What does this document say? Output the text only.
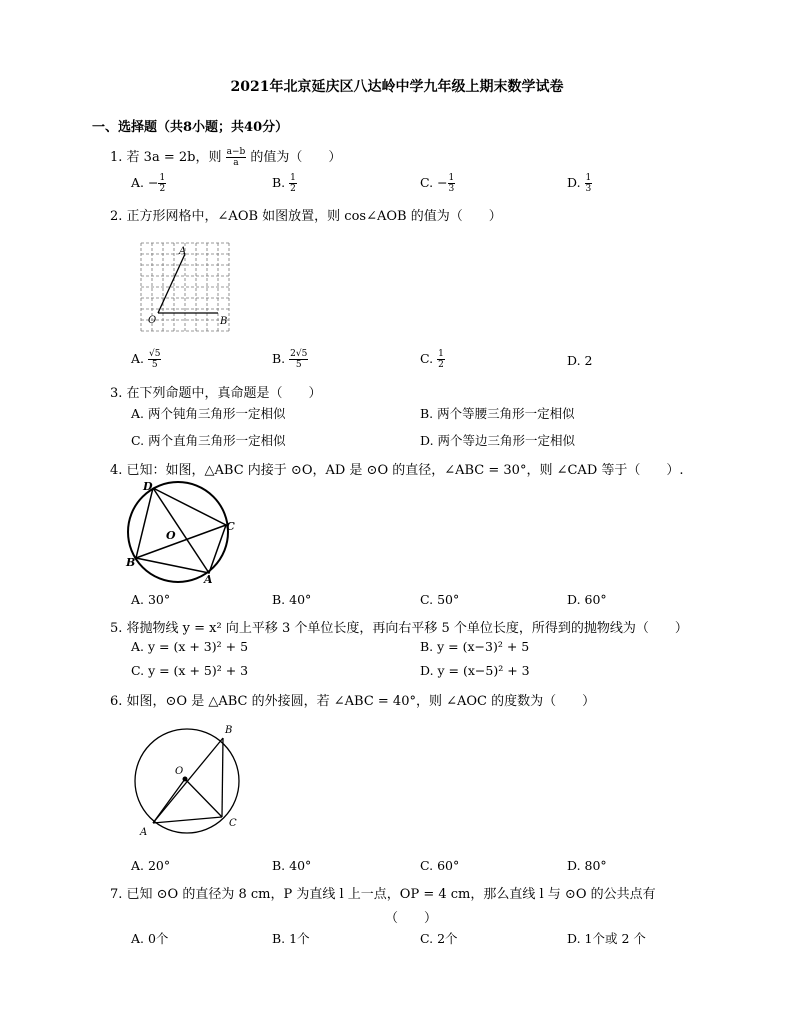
2021年北京延庆区八达岭中学九年级上期末数学试卷
一、选择题（共8小题；共40分）
1. 若 3a = 2b，则 $\frac{a-b}{a}$ 的值为（　　）
A. − $\frac{1}{2}$	B. $\frac{1}{2}$	C. − $\frac{1}{3}$	D. $\frac{1}{3}$
2. 正方形网格中，∠AOB 如图放置，则 cos∠AOB 的值为（　　）
A
O	B
A. $\frac{√5}{5}$	B. $\frac{2√5}{5}$	C. $\frac{1}{2}$	D. 2
3. 在下列命题中，真命题是（　　）
A. 两个钝角三角形一定相似	B. 两个等腰三角形一定相似
C. 两个直角三角形一定相似	D. 两个等边三角形一定相似
4. 已知：如图，△ABC 内接于 ⊙O，AD 是 ⊙O 的直径，∠ABC = 30°，则 ∠CAD 等于（　　）.
D
C
O
B
A
A. 30°	B. 40°	C. 50°	D. 60°
5. 将抛物线 y = x² 向上平移 3 个单位长度，再向右平移 5 个单位长度，所得到的抛物线为（　　）
A. y = (x + 3)² + 5	B. y = (x−3)² + 5
C. y = (x + 5)² + 3	D. y = (x−5)² + 3
6. 如图，⊙O 是 △ABC 的外接圆，若 ∠ABC = 40°，则 ∠AOC 的度数为（　　）
B
O
A
C
A. 20°	B. 40°	C. 60°	D. 80°
7. 已知 ⊙O 的直径为 8 cm，P 为直线 l 上一点，OP = 4 cm，那么直线 l 与 ⊙O 的公共点有
（　　）
A. 0个	B. 1个	C. 2个	D. 1个或 2 个
